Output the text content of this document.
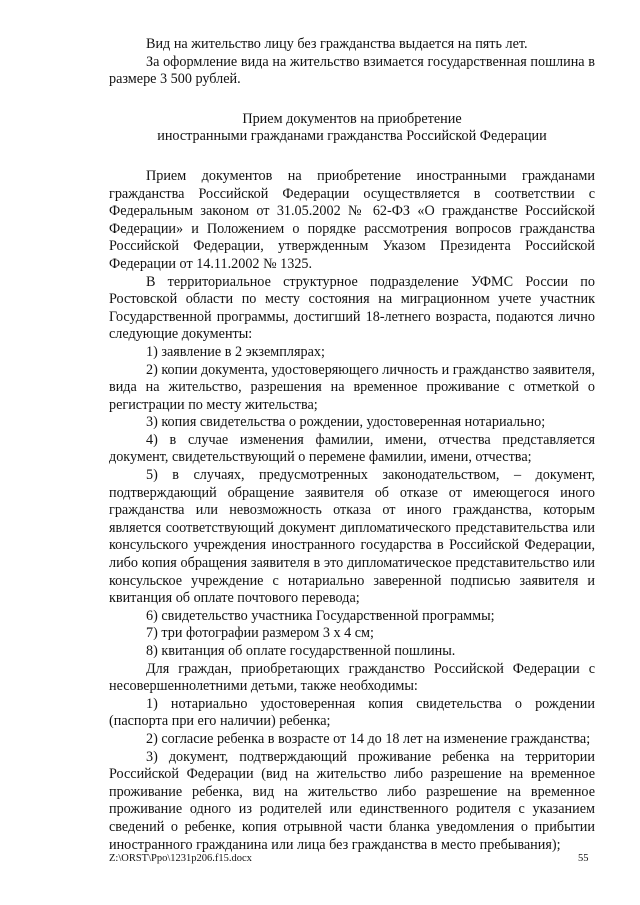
Вид на жительство лицу без гражданства выдается на пять лет.

За оформление вида на жительство взимается государственная пошлина в размере 3 500 рублей.

Прием документов на приобретение
иностранными гражданами гражданства Российской Федерации

Прием документов на приобретение иностранными гражданами гражданства Российской Федерации осуществляется в соответствии с Федеральным законом от 31.05.2002 № 62-ФЗ «О гражданстве Российской Федерации» и Положением о порядке рассмотрения вопросов гражданства Российской Федерации, утвержденным Указом Президента Российской Федерации от 14.11.2002 № 1325.

В территориальное структурное подразделение УФМС России по Ростовской области по месту состояния на миграционном учете участник Государственной программы, достигший 18-летнего возраста, подаются лично следующие документы:

1) заявление в 2 экземплярах;

2) копии документа, удостоверяющего личность и гражданство заявителя, вида на жительство, разрешения на временное проживание с отметкой о регистрации по месту жительства;

3) копия свидетельства о рождении, удостоверенная нотариально;

4) в случае изменения фамилии, имени, отчества представляется документ, свидетельствующий о перемене фамилии, имени, отчества;

5) в случаях, предусмотренных законодательством, – документ, подтверждающий обращение заявителя об отказе от имеющегося иного гражданства или невозможность отказа от иного гражданства, которым является соответствующий документ дипломатического представительства или консульского учреждения иностранного государства в Российской Федерации, либо копия обращения заявителя в это дипломатическое представительство или консульское учреждение с нотариально заверенной подписью заявителя и квитанция об оплате почтового перевода;

6) свидетельство участника Государственной программы;

7) три фотографии размером 3 х 4 см;

8) квитанция об оплате государственной пошлины.

Для граждан, приобретающих гражданство Российской Федерации с несовершеннолетними детьми, также необходимы:

1) нотариально удостоверенная копия свидетельства о рождении (паспорта при его наличии) ребенка;

2) согласие ребенка в возрасте от 14 до 18 лет на изменение гражданства;

3) документ, подтверждающий проживание ребенка на территории Российской Федерации (вид на жительство либо разрешение на временное проживание ребенка, вид на жительство либо разрешение на временное проживание одного из родителей или единственного родителя с указанием сведений о ребенке, копия отрывной части бланка уведомления о прибытии иностранного гражданина или лица без гражданства в место пребывания);

Z:\ORST\Ppo\1231p206.f15.docx	55
